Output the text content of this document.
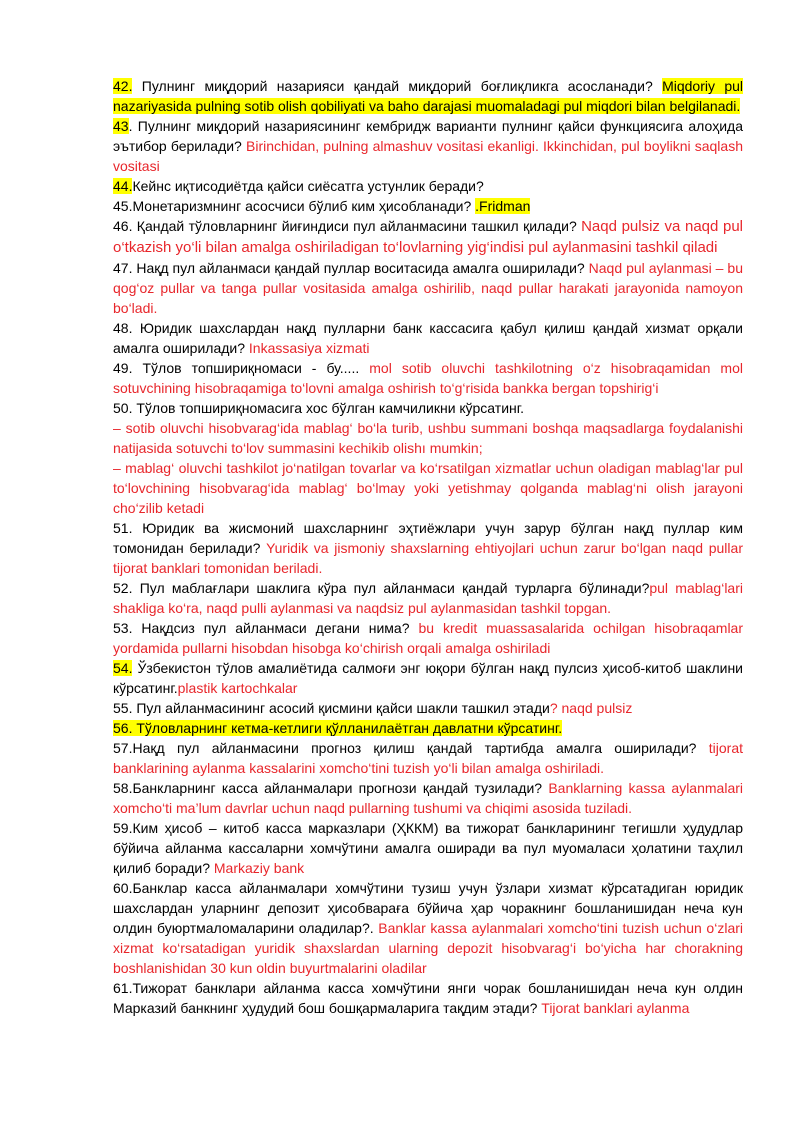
42. Пулнинг миқдорий назарияси қандай миқдорий боғлиқликга асосланади? Miqdoriy pul nazariyasida pulning sotib olish qobiliyati va baho darajasi muomaladagi pul miqdori bilan belgilanadi.

43. Пулнинг миқдорий назариясининг кембридж варианти пулнинг қайси функциясига алоҳида эътибор берилади? Birinchidan, pulning almashuv vositasi ekanligi. Ikkinchidan, pul boylikni saqlash vositasi

44.Кейнс иқтисодиётда қайси сиёсатга устунлик беради?

45.Монетаризмнинг асосчиси бўлиб ким ҳисобланади? .Fridman

46. Қандай тўловларнинг йиғиндиси пул айланмасини ташкил қилади? Naqd pulsiz va naqd pul o‘tkazish yo‘li bilan amalga oshiriladigan to‘lovlarning yig‘indisi pul aylanmasini tashkil qiladi

47. Нақд пул айланмаси қандай пуллар воситасида амалга оширилади? Naqd pul aylanmasi – bu qog‘oz pullar va tanga pullar vositasida amalga oshirilib, naqd pullar harakati jarayonida namoyon bo‘ladi.

48. Юридик шахслардан нақд пулларни банк кассасига қабул қилиш қандай хизмат орқали амалга оширилади? Inkassasiya xizmati

49. Тўлов топшириқномаси - бу..... mol sotib oluvchi tashkilotning o‘z hisobraqamidan mol sotuvchining hisobraqamiga to‘lovni amalga oshirish to‘g‘risida bankka bergan topshirig‘i

50. Тўлов топшириқномасига хос бўлган камчиликни кўрсатинг.
– sotib oluvchi hisobvarag‘ida mablag‘ bo‘la turib, ushbu summani boshqa maqsadlarga foydalanishi natijasida sotuvchi to‘lov summasini kechikib olishı mumkin;
– mablag‘ oluvchi tashkilot jo‘natilgan tovarlar va ko‘rsatilgan xizmatlar uchun oladigan mablag‘lar pul to‘lovchining hisobvarag‘ida mablag‘ bo‘lmay yoki yetishmay qolganda mablag‘ni olish jarayoni cho‘zilib ketadi

51. Юридик ва жисмоний шахсларнинг эҳтиёжлари учун зарур бўлган нақд пуллар ким томонидан берилади? Yuridik va jismoniy shaxslarning ehtiyojlari uchun zarur bo‘lgan naqd pullar tijorat banklari tomonidan beriladi.

52. Пул маблағлари шаклига кўра пул айланмаси қандай турларга бўлинади?pul mablag‘lari shakliga ko‘ra, naqd pulli aylanmasi va naqdsiz pul aylanmasidan tashkil topgan.

53. Нақдсиз пул айланмаси дегани нима? bu kredit muassasalarida ochilgan hisobraqamlar yordamida pullarni hisobdan hisobga ko‘chirish orqali amalga oshiriladi

54. Ўзбекистон тўлов амалиётида салмоғи энг юқори бўлган нақд пулсиз ҳисоб-китоб шаклини кўрсатинг.plastik kartochkalar

55. Пул айланмасининг асосий қисмини қайси шакли ташкил этади? naqd pulsiz

56. Тўловларнинг кетма-кетлиги қўлланилаётган давлатни кўрсатинг.

57.Нақд пул айланмасини прогноз қилиш қандай тартибда амалга оширилади? tijorat banklarining aylanma kassalarini xomcho‘tini tuzish yo‘li bilan amalga oshiriladi.

58.Банкларнинг касса айланмалари прогнози қандай тузилади? Banklarning kassa aylanmalari xomcho‘ti ma’lum davrlar uchun naqd pullarning tushumi va chiqimi asosida tuziladi.

59.Ким ҳисоб – китоб касса марказлари (ҲККМ) ва тижорат банкларининг тегишли ҳудудлар бўйича айланма кассаларни хомчўтини амалга оширади ва пул муомаласи ҳолатини таҳлил қилиб боради? Markaziy bank

60.Банклар касса айланмалари хомчўтини тузиш учун ўзлари хизмат кўрсатадиган юридик шахслардан уларнинг депозит ҳисобвараға бўйича ҳар чоракнинг бошланишидан неча кун олдин буюртмаломаларини оладилар?. Banklar kassa aylanmalari xomcho‘tini tuzish uchun o‘zlari xizmat ko‘rsatadigan yuridik shaxslardan ularning depozit hisobvarag‘i bo‘yicha har chorakning boshlanishidan 30 kun oldin buyurtmalarini oladilar

61.Тижорат банклари айланма касса хомчўтини янги чорак бошланишидан неча кун олдин Марказий банкнинг ҳудудий бош бошқармаларига тақдим этади? Tijorat banklari aylanma
